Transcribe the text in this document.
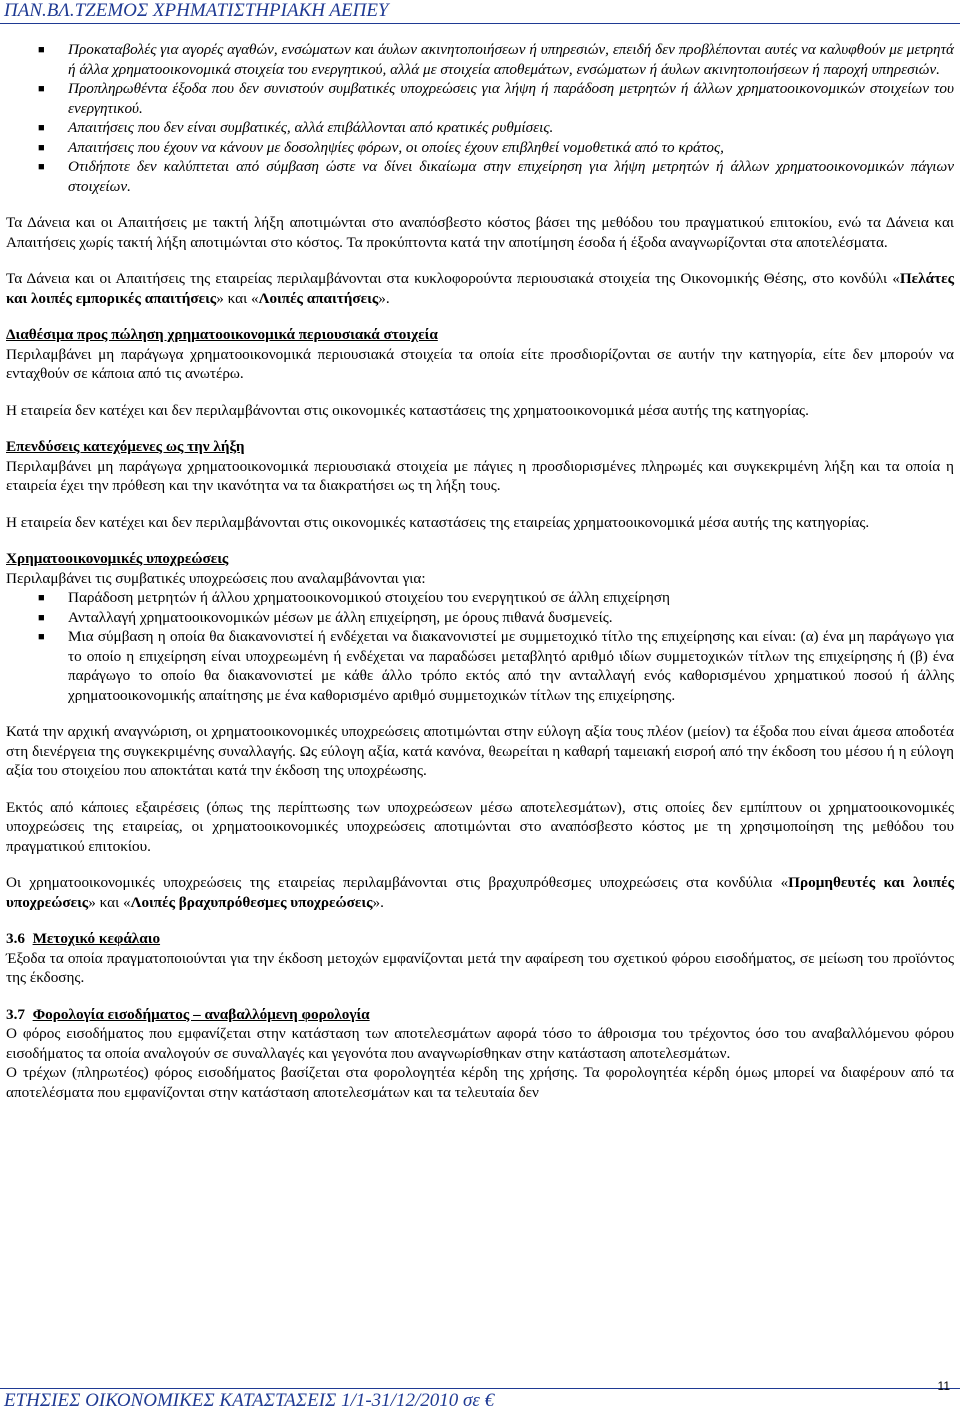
ΠΑΝ.ΒΛ.ΤΖΕΜΟΣ ΧΡΗΜΑΤΙΣΤΗΡΙΑΚΗ ΑΕΠΕΥ
■ Προκαταβολές για αγορές αγαθών, ενσώματων και άυλων ακινητοποιήσεων ή υπηρεσιών, επειδή δεν προβλέπονται αυτές να καλυφθούν με μετρητά ή άλλα χρηματοοικονομικά στοιχεία του ενεργητικού, αλλά με στοιχεία αποθεμάτων, ενσώματων ή άυλων ακινητοποιήσεων ή παροχή υπηρεσιών.
■ Προπληρωθέντα έξοδα που δεν συνιστούν συμβατικές υποχρεώσεις για λήψη ή παράδοση μετρητών ή άλλων χρηματοοικονομικών στοιχείων του ενεργητικού.
■ Απαιτήσεις που δεν είναι συμβατικές, αλλά επιβάλλονται από κρατικές ρυθμίσεις.
■ Απαιτήσεις που έχουν να κάνουν με δοσοληψίες φόρων, οι οποίες έχουν επιβληθεί νομοθετικά από το κράτος,
■ Οτιδήποτε δεν καλύπτεται από σύμβαση ώστε να δίνει δικαίωμα στην επιχείρηση για λήψη μετρητών ή άλλων χρηματοοικονομικών πάγιων στοιχείων.

Τα Δάνεια και οι Απαιτήσεις με τακτή λήξη αποτιμώνται στο αναπόσβεστο κόστος βάσει της μεθόδου του πραγματικού επιτοκίου, ενώ τα Δάνεια και Απαιτήσεις χωρίς τακτή λήξη αποτιμώνται στο κόστος. Τα προκύπτοντα κατά την αποτίμηση έσοδα ή έξοδα αναγνωρίζονται στα αποτελέσματα.

Τα Δάνεια και οι Απαιτήσεις της εταιρείας περιλαμβάνονται στα κυκλοφορούντα περιουσιακά στοιχεία της Οικονομικής Θέσης, στο κονδύλι «Πελάτες και λοιπές εμπορικές απαιτήσεις» και «Λοιπές απαιτήσεις».

Διαθέσιμα προς πώληση χρηματοοικονομικά περιουσιακά στοιχεία

Περιλαμβάνει μη παράγωγα χρηματοοικονομικά περιουσιακά στοιχεία τα οποία είτε προσδιορίζονται σε αυτήν την κατηγορία, είτε δεν μπορούν να ενταχθούν σε κάποια από τις ανωτέρω.

Η εταιρεία δεν κατέχει και δεν περιλαμβάνονται στις οικονομικές καταστάσεις της χρηματοοικονομικά μέσα αυτής της κατηγορίας.

Επενδύσεις κατεχόμενες ως την λήξη

Περιλαμβάνει μη παράγωγα χρηματοοικονομικά περιουσιακά στοιχεία με πάγιες η προσδιορισμένες πληρωμές και συγκεκριμένη λήξη και τα οποία η εταιρεία έχει την πρόθεση και την ικανότητα να τα διακρατήσει ως τη λήξη τους.

Η εταιρεία δεν κατέχει και δεν περιλαμβάνονται στις οικονομικές καταστάσεις της εταιρείας χρηματοοικονομικά μέσα αυτής της κατηγορίας.

Χρηματοοικονομικές υποχρεώσεις
Περιλαμβάνει τις συμβατικές υποχρεώσεις που αναλαμβάνονται για:
■ Παράδοση μετρητών ή άλλου χρηματοοικονομικού στοιχείου του ενεργητικού σε άλλη επιχείρηση
■ Ανταλλαγή χρηματοοικονομικών μέσων με άλλη επιχείρηση, με όρους πιθανά δυσμενείς.
■ Μια σύμβαση η οποία θα διακανονιστεί ή ενδέχεται να διακανονιστεί με συμμετοχικό τίτλο της επιχείρησης και είναι: (α) ένα μη παράγωγο για το οποίο η επιχείρηση είναι υποχρεωμένη ή ενδέχεται να παραδώσει μεταβλητό αριθμό ιδίων συμμετοχικών τίτλων της επιχείρησης ή (β) ένα παράγωγο το οποίο θα διακανονιστεί με κάθε άλλο τρόπο εκτός από την ανταλλαγή ενός καθορισμένου χρηματικού ποσού ή άλλης χρηματοοικονομικής απαίτησης με ένα καθορισμένο αριθμό συμμετοχικών τίτλων της επιχείρησης.

Κατά την αρχική αναγνώριση, οι χρηματοοικονομικές υποχρεώσεις αποτιμώνται στην εύλογη αξία τους πλέον (μείον) τα έξοδα που είναι άμεσα αποδοτέα στη διενέργεια της συγκεκριμένης συναλλαγής. Ως εύλογη αξία, κατά κανόνα, θεωρείται η καθαρή ταμειακή εισροή από την έκδοση του μέσου ή η εύλογη αξία του στοιχείου που αποκτάται κατά την έκδοση της υποχρέωσης.

Εκτός από κάποιες εξαιρέσεις (όπως της περίπτωσης των υποχρεώσεων μέσω αποτελεσμάτων), στις οποίες δεν εμπίπτουν οι χρηματοοικονομικές υποχρεώσεις της εταιρείας, οι χρηματοοικονομικές υποχρεώσεις αποτιμώνται στο αναπόσβεστο κόστος με τη χρησιμοποίηση της μεθόδου του πραγματικού επιτοκίου.

Οι χρηματοοικονομικές υποχρεώσεις της εταιρείας περιλαμβάνονται στις βραχυπρόθεσμες υποχρεώσεις στα κονδύλια «Προμηθευτές και λοιπές υποχρεώσεις» και «Λοιπές βραχυπρόθεσμες υποχρεώσεις».

3.6 Μετοχικό κεφάλαιο

Έξοδα τα οποία πραγματοποιούνται για την έκδοση μετοχών εμφανίζονται μετά την αφαίρεση του σχετικού φόρου εισοδήματος, σε μείωση του προϊόντος της έκδοσης.

3.7 Φορολογία εισοδήματος – αναβαλλόμενη φορολογία
Ο φόρος εισοδήματος που εμφανίζεται στην κατάσταση των αποτελεσμάτων αφορά τόσο το άθροισμα του τρέχοντος όσο του αναβαλλόμενου φόρου εισοδήματος τα οποία αναλογούν σε συναλλαγές και γεγονότα που αναγνωρίσθηκαν στην κατάσταση αποτελεσμάτων.
Ο τρέχων (πληρωτέος) φόρος εισοδήματος βασίζεται στα φορολογητέα κέρδη της χρήσης. Τα φορολογητέα κέρδη όμως μπορεί να διαφέρουν από τα αποτελέσματα που εμφανίζονται στην κατάσταση αποτελεσμάτων και τα τελευταία δεν
ΕΤΗΣΙΕΣ ΟΙΚΟΝΟΜΙΚΕΣ ΚΑΤΑΣΤΑΣΕΙΣ 1/1-31/12/2010 σε €
11
